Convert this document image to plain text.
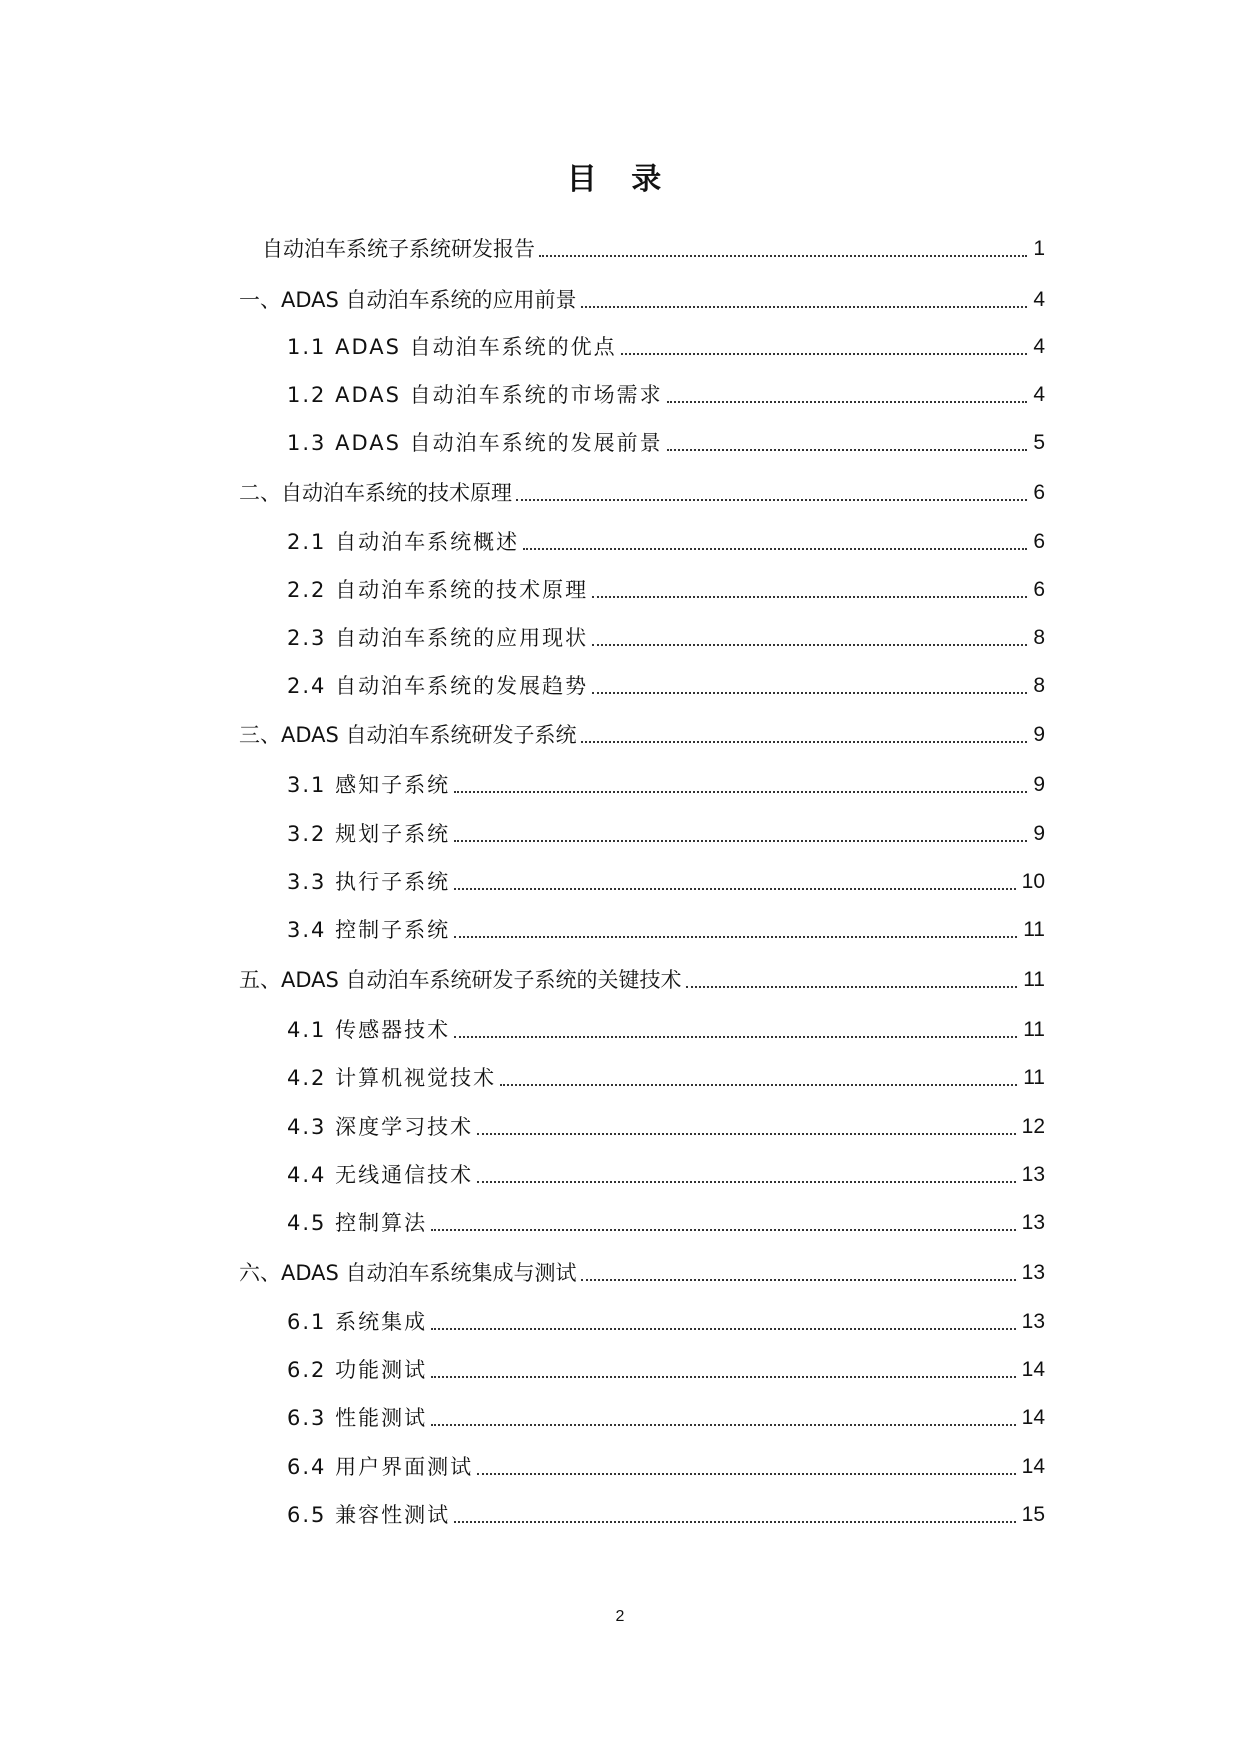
目 录
自动泊车系统子系统研发报告	1
一、ADAS 自动泊车系统的应用前景	4
1.1 ADAS 自动泊车系统的优点	4
1.2 ADAS 自动泊车系统的市场需求	4
1.3 ADAS 自动泊车系统的发展前景	5
二、自动泊车系统的技术原理	6
2.1 自动泊车系统概述	6
2.2 自动泊车系统的技术原理	6
2.3 自动泊车系统的应用现状	8
2.4 自动泊车系统的发展趋势	8
三、ADAS 自动泊车系统研发子系统	9
3.1 感知子系统	9
3.2 规划子系统	9
3.3 执行子系统	10
3.4 控制子系统	11
五、ADAS 自动泊车系统研发子系统的关键技术	11
4.1 传感器技术	11
4.2 计算机视觉技术	11
4.3 深度学习技术	12
4.4 无线通信技术	13
4.5 控制算法	13
六、ADAS 自动泊车系统集成与测试	13
6.1 系统集成	13
6.2 功能测试	14
6.3 性能测试	14
6.4 用户界面测试	14
6.5 兼容性测试	15

2
